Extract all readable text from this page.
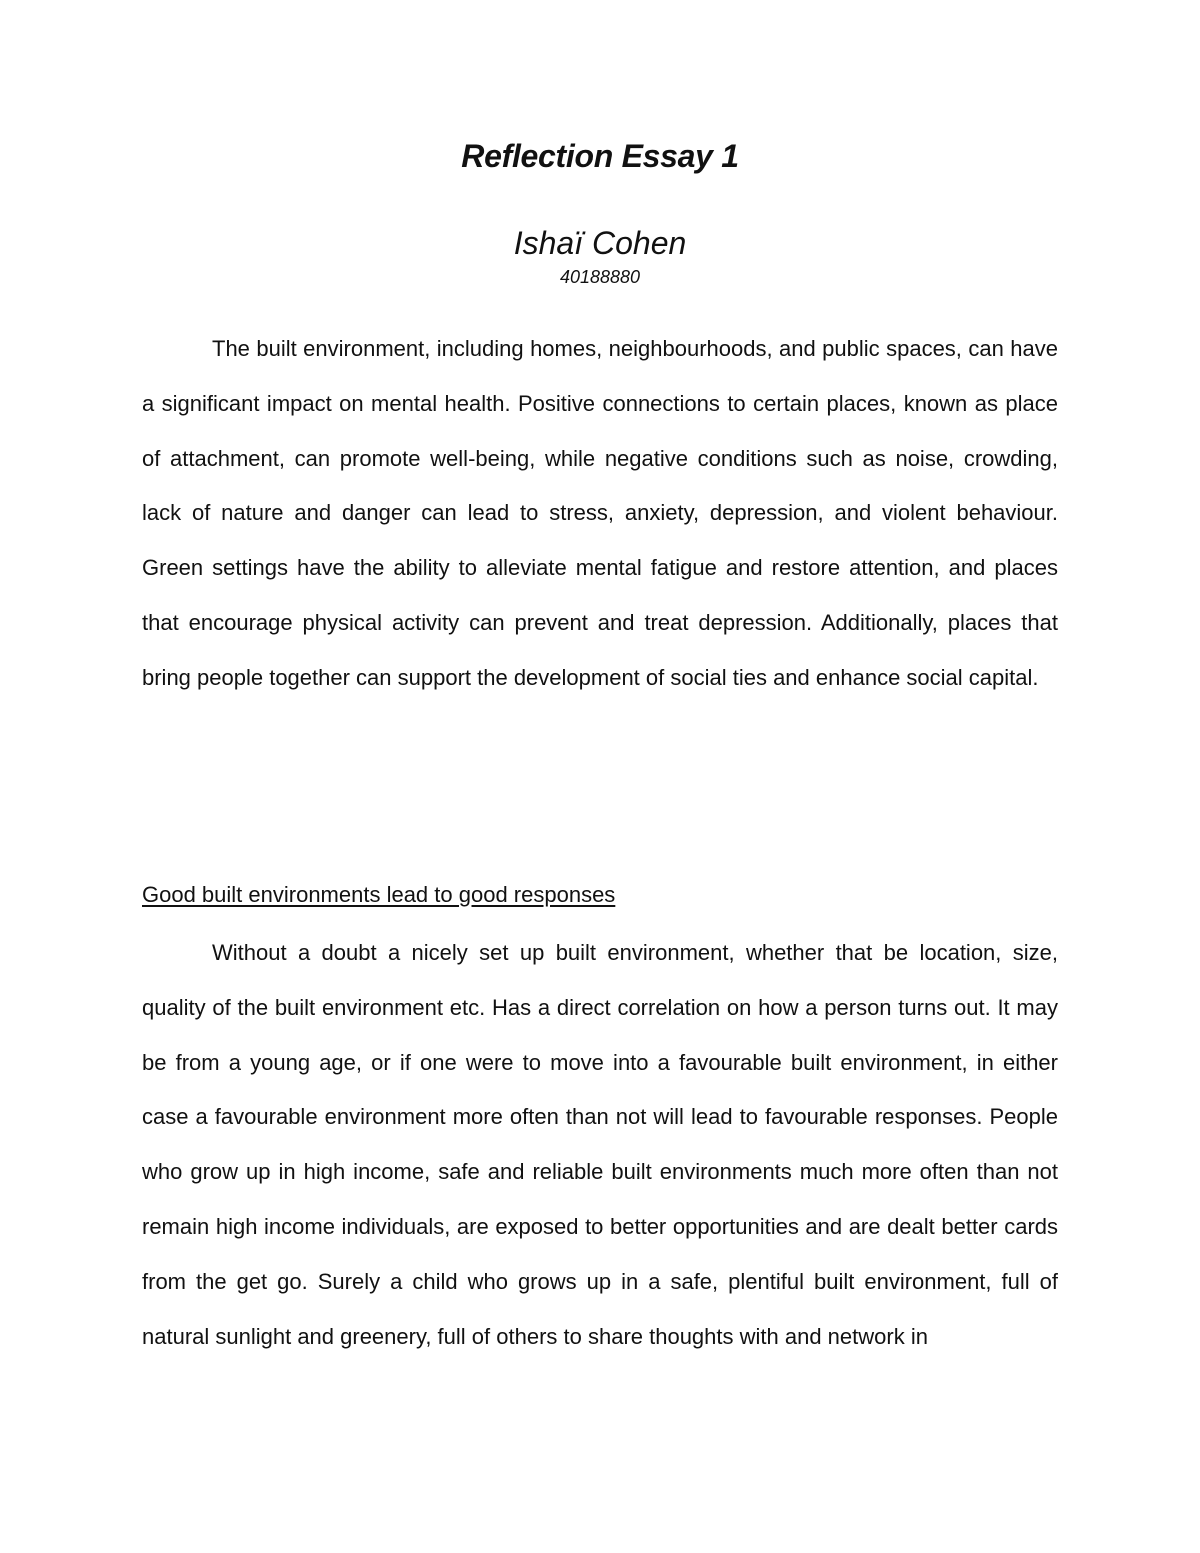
Reflection Essay 1
Ishaï Cohen
40188880

The built environment, including homes, neighbourhoods, and public spaces, can have a significant impact on mental health. Positive connections to certain places, known as place of attachment, can promote well-being, while negative conditions such as noise, crowding, lack of nature and danger can lead to stress, anxiety, depression, and violent behaviour. Green settings have the ability to alleviate mental fatigue and restore attention, and places that encourage physical activity can prevent and treat depression. Additionally, places that bring people together can support the development of social ties and enhance social capital.

Good built environments lead to good responses

Without a doubt a nicely set up built environment, whether that be location, size, quality of the built environment etc. Has a direct correlation on how a person turns out. It may be from a young age, or if one were to move into a favourable built environment, in either case a favourable environment more often than not will lead to favourable responses. People who grow up in high income, safe and reliable built environments much more often than not remain high income individuals, are exposed to better opportunities and are dealt better cards from the get go. Surely a child who grows up in a safe, plentiful built environment, full of natural sunlight and greenery, full of others to share thoughts with and network in
